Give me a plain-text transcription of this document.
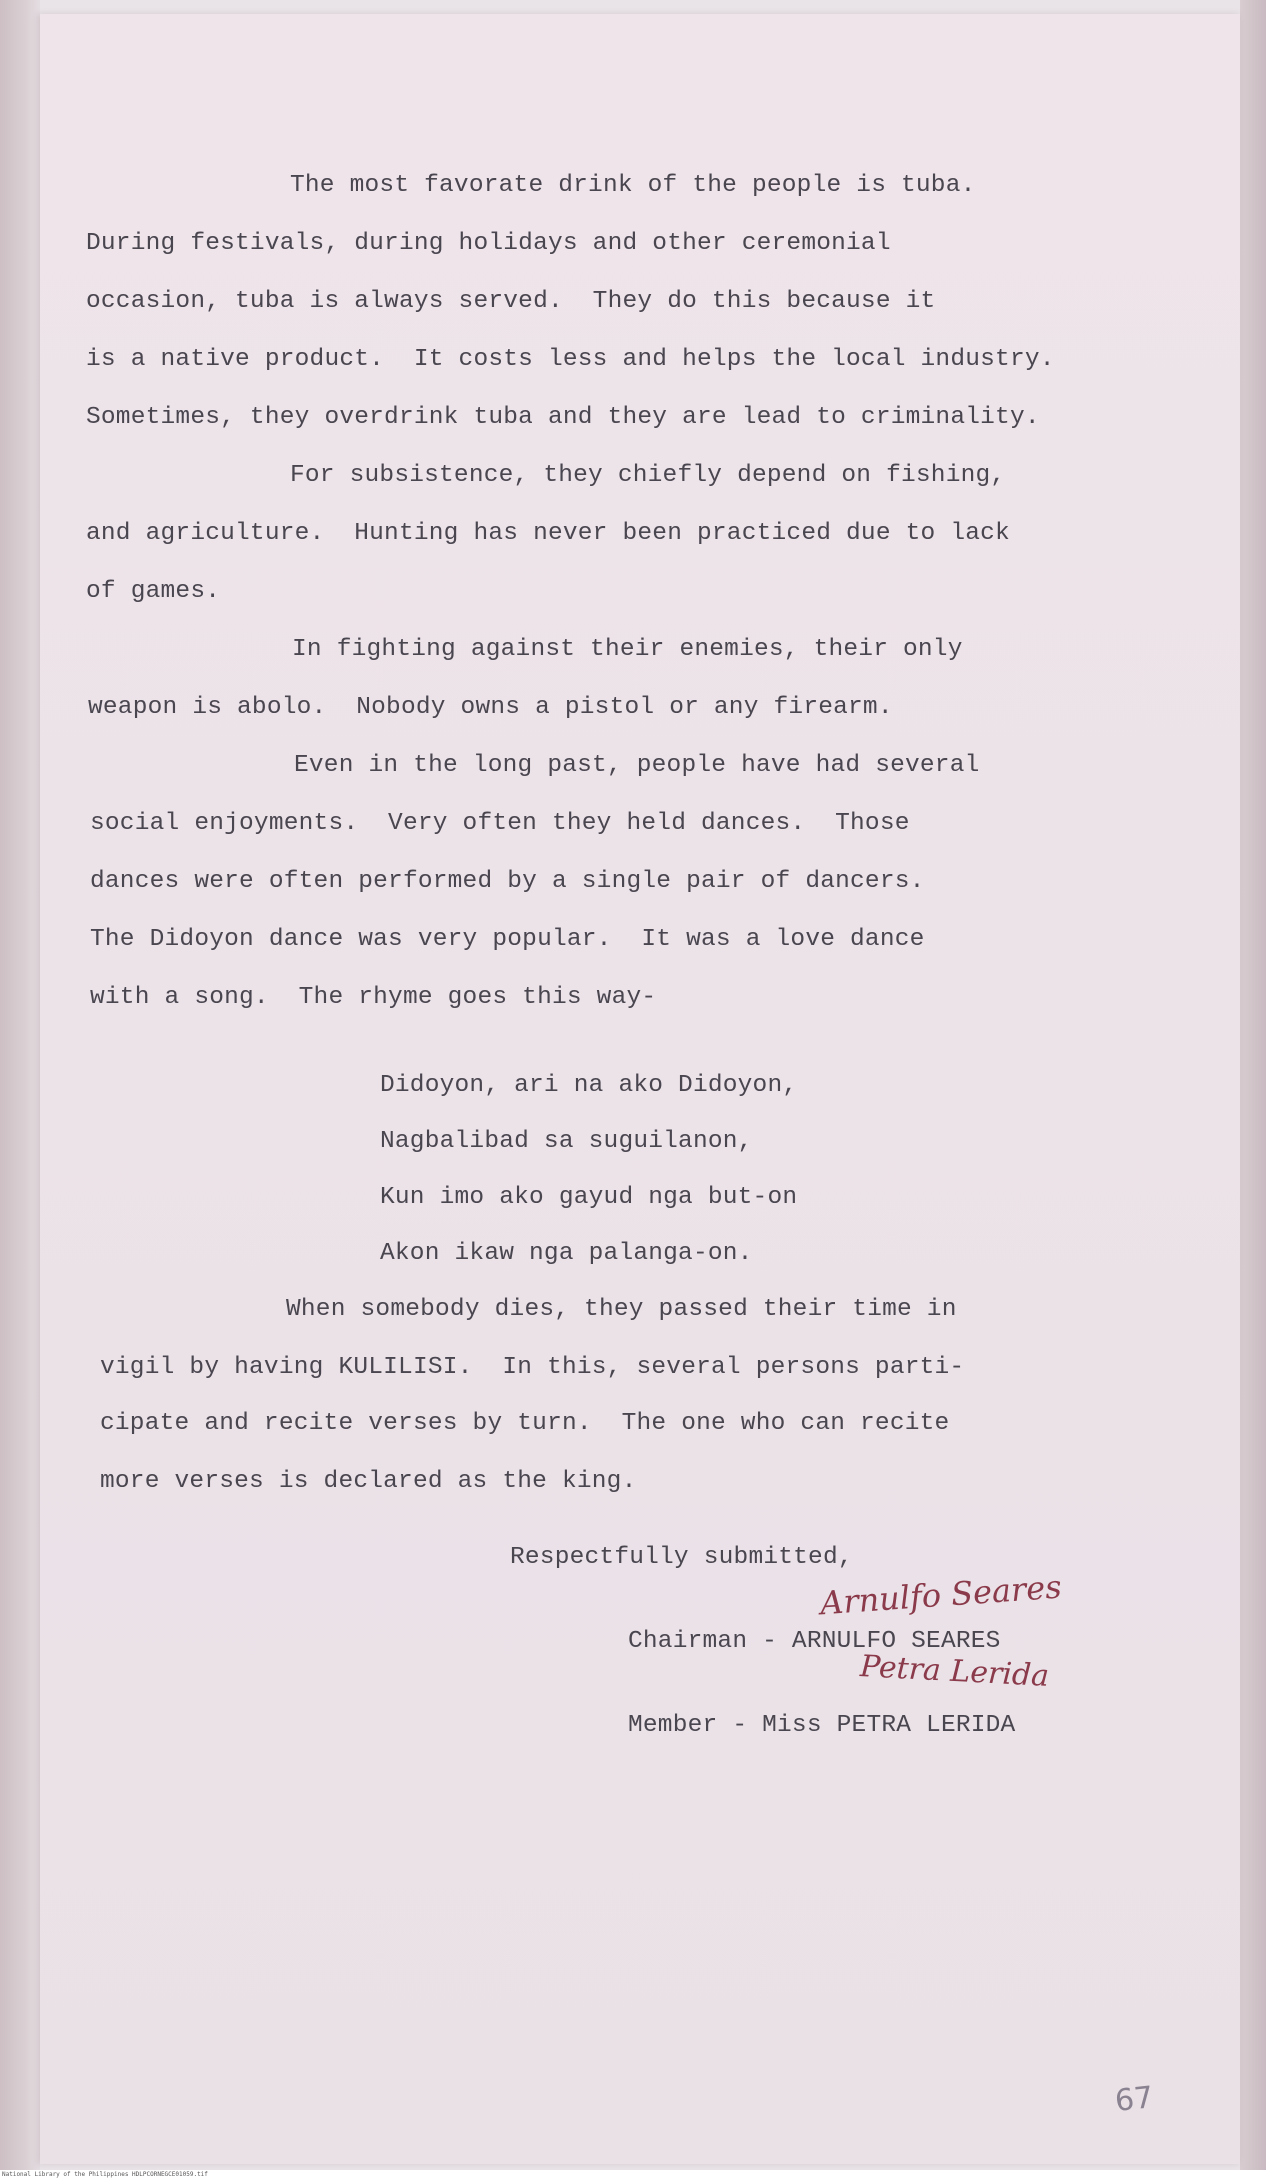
The most favorate drink of the people is tuba.

During festivals, during holidays and other ceremonial

occasion, tuba is always served.  They do this because it

is a native product.  It costs less and helps the local industry.

Sometimes, they overdrink tuba and they are lead to criminality.

For subsistence, they chiefly depend on fishing,

and agriculture.  Hunting has never been practiced due to lack

of games.

In fighting against their enemies, their only

weapon is abolo.  Nobody owns a pistol or any firearm.

Even in the long past, people have had several

social enjoyments.  Very often they held dances.  Those

dances were often performed by a single pair of dancers.

The Didoyon dance was very popular.  It was a love dance

with a song.  The rhyme goes this way-

Didoyon, ari na ako Didoyon,

Nagbalibad sa suguilanon,

Kun imo ako gayud nga but-on

Akon ikaw nga palanga-on.

When somebody dies, they passed their time in

vigil by having KULILISI.  In this, several persons parti-

cipate and recite verses by turn.  The one who can recite

more verses is declared as the king.

Respectfully submitted,

Arnulfo Seares

Chairman - ARNULFO SEARES

Petra Lerida

Member - Miss PETRA LERIDA

67
National Library of the Philippines HDLPCORNEGCE01059.tif
